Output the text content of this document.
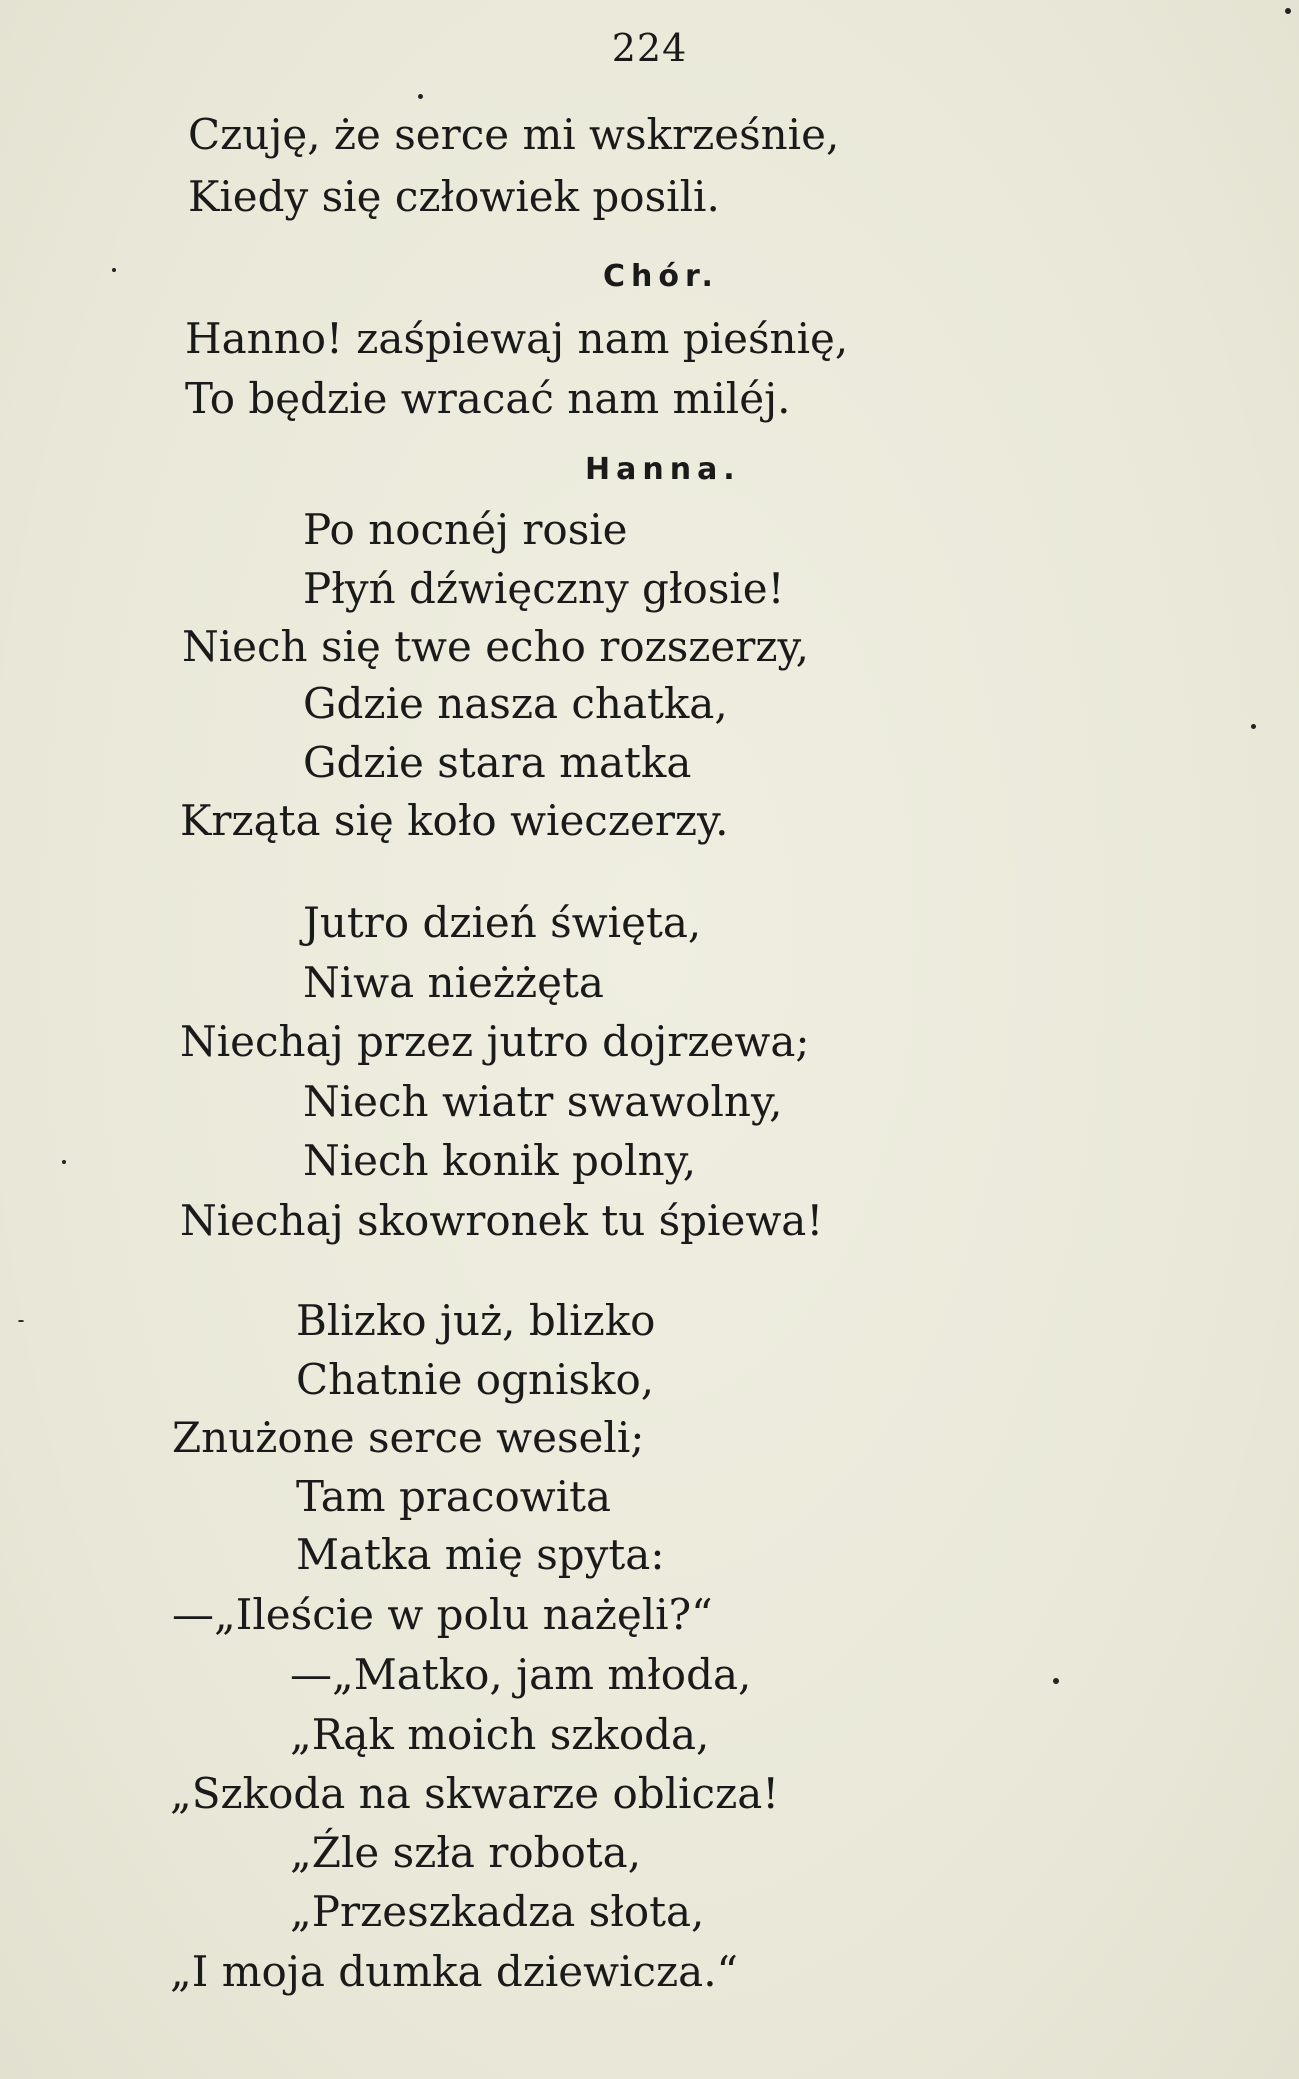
224
Czuję, że serce mi wskrześnie,
Kiedy się człowiek posili.
Chór.
Hanno! zaśpiewaj nam pieśnię,
To będzie wracać nam miléj.
Hanna.
Po nocnéj rosie
Płyń dźwięczny głosie!
Niech się twe echo rozszerzy,
Gdzie nasza chatka,
Gdzie stara matka
Krząta się koło wieczerzy.
Jutro dzień święta,
Niwa nieżżęta
Niechaj przez jutro dojrzewa;
Niech wiatr swawolny,
Niech konik polny,
Niechaj skowronek tu śpiewa!
Blizko już, blizko
Chatnie ognisko,
Znużone serce weseli;
Tam pracowita
Matka mię spyta:
—„Ileście w polu nażęli?“
—„Matko, jam młoda,
„Rąk moich szkoda,
„Szkoda na skwarze oblicza!
„Źle szła robota,
„Przeszkadza słota,
„I moja dumka dziewicza.“
